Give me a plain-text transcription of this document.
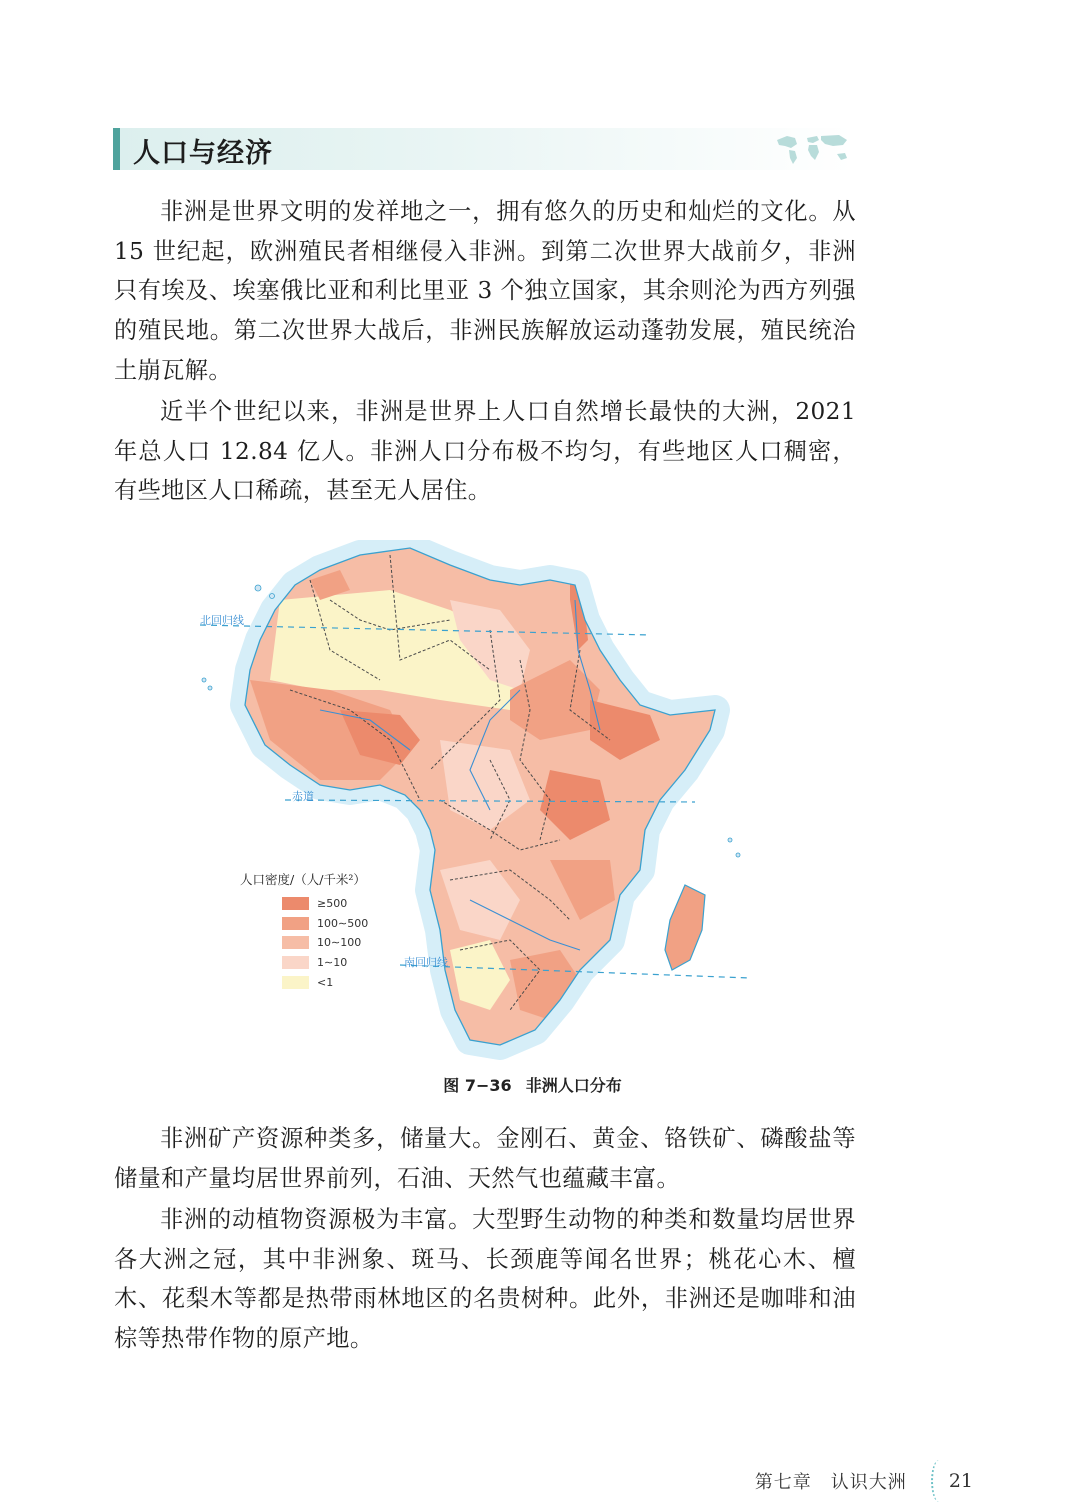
人口与经济

非洲是世界文明的发祥地之一，拥有悠久的历史和灿烂的文化。从 15 世纪起，欧洲殖民者相继侵入非洲。到第二次世界大战前夕，非洲只有埃及、埃塞俄比亚和利比里亚 3 个独立国家，其余则沦为西方列强的殖民地。第二次世界大战后，非洲民族解放运动蓬勃发展，殖民统治土崩瓦解。

近半个世纪以来，非洲是世界上人口自然增长最快的大洲，2021 年总人口 12.84 亿人。非洲人口分布极不均匀，有些地区人口稠密，有些地区人口稀疏，甚至无人居住。

北回归线
赤道
南回归线
人口密度/（人/千米²）
≥500
100∼500
10∼100
1∼10
<1
图 7−36 非洲人口分布

非洲矿产资源种类多，储量大。金刚石、黄金、铬铁矿、磷酸盐等储量和产量均居世界前列，石油、天然气也蕴藏丰富。

非洲的动植物资源极为丰富。大型野生动物的种类和数量均居世界各大洲之冠，其中非洲象、斑马、长颈鹿等闻名世界；桃花心木、檀木、花梨木等都是热带雨林地区的名贵树种。此外，非洲还是咖啡和油棕等热带作物的原产地。

第七章　认识大洲 21
